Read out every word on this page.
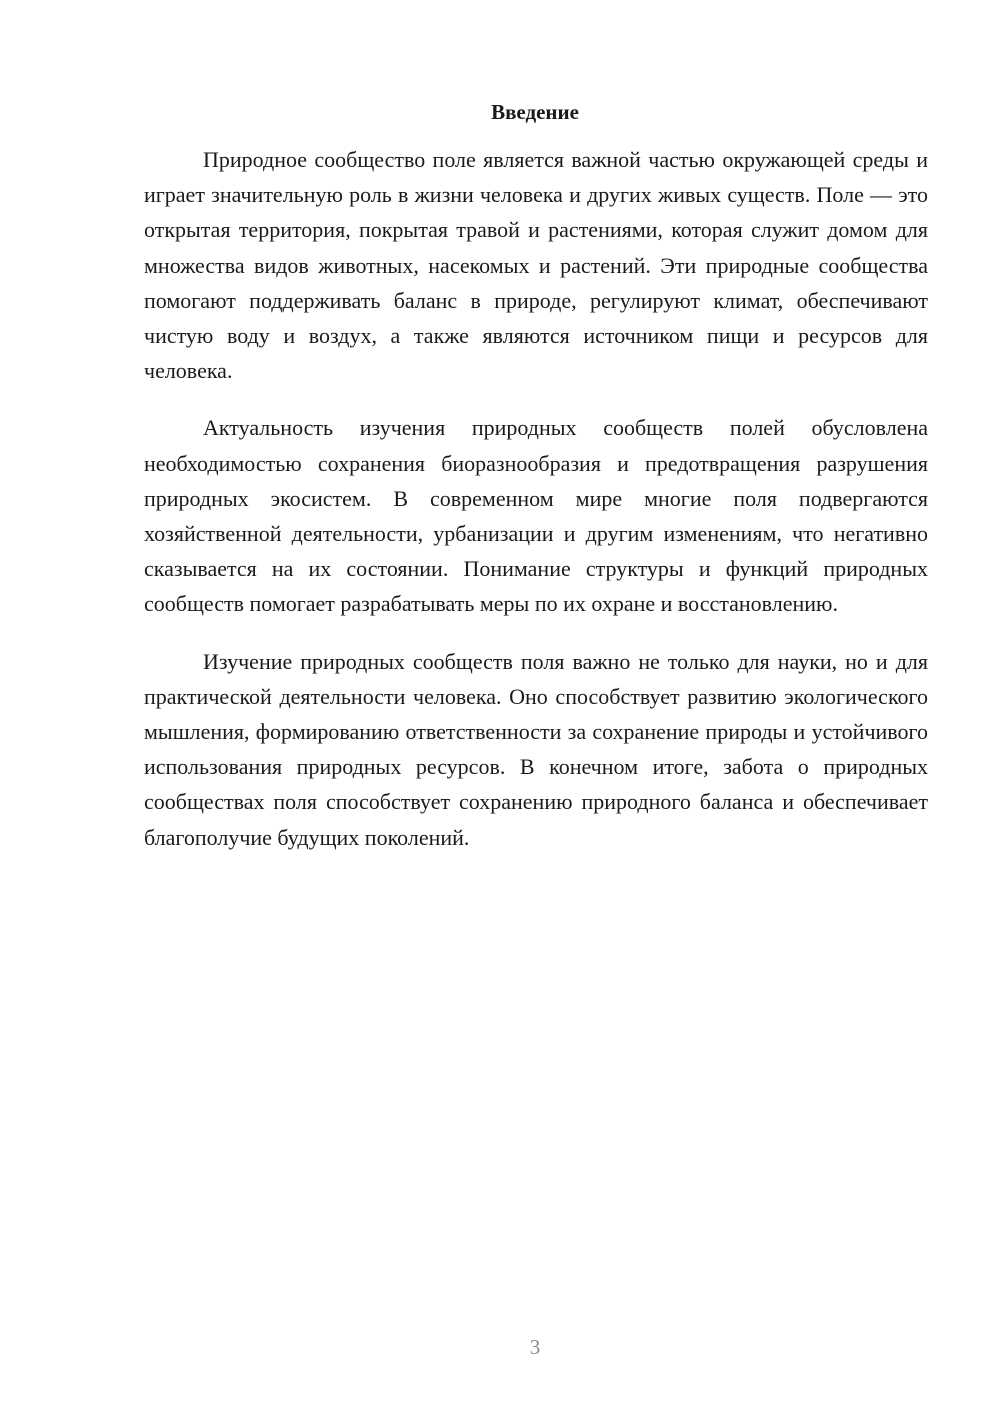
Введение

Природное сообщество поле является важной частью окружающей среды и играет значительную роль в жизни человека и других живых существ. Поле — это открытая территория, покрытая травой и растениями, которая служит домом для множества видов животных, насекомых и растений. Эти природные сообщества помогают поддерживать баланс в природе, регулируют климат, обеспечивают чистую воду и воздух, а также являются источником пищи и ресурсов для человека.

Актуальность изучения природных сообществ полей обусловлена необходимостью сохранения биоразнообразия и предотвращения разрушения природных экосистем. В современном мире многие поля подвергаются хозяйственной деятельности, урбанизации и другим изменениям, что негативно сказывается на их состоянии. Понимание структуры и функций природных сообществ помогает разрабатывать меры по их охране и восстановлению.

Изучение природных сообществ поля важно не только для науки, но и для практической деятельности человека. Оно способствует развитию экологического мышления, формированию ответственности за сохранение природы и устойчивого использования природных ресурсов. В конечном итоге, забота о природных сообществах поля способствует сохранению природного баланса и обеспечивает благополучие будущих поколений.

3
